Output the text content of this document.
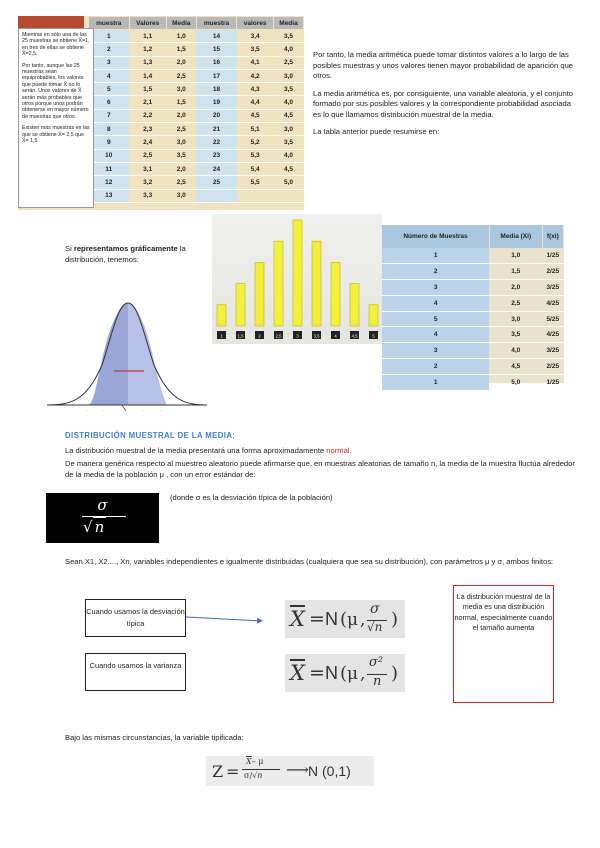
muestra	Valores	Media	muestra	valores	Media
1	1,1	1,0	14	3,4	3,5
2	1,2	1,5	15	3,5	4,0
3	1,3	2,0	16	4,1	2,5
4	1,4	2,5	17	4,2	3,0
5	1,5	3,0	18	4,3	3,5
6	2,1	1,5	19	4,4	4,0
7	2,2	2,0	20	4,5	4,5
8	2,3	2,5	21	5,1	3,0
9	2,4	3,0	22	5,2	3,5
10	2,5	3,5	23	5,3	4,0
11	3,1	2,0	24	5,4	4,5
12	3,2	2,5	25	5,5	5,0
13	3,3	3,0			

Mientras en sólo una de las 25 muestras se obtiene X̄=1, en tres de ellas se obtiene X̄=2,5.

Por tanto, aunque las 25 muestras sean equiprobables, los valores que puede tomar X̄ no lo serán. Unos valores de X̄ serán más probables que otros porque unos podrán obtenerse en mayor número de muestras que otros.

Existen más muestras en las que se obtiene X̄= 2,5 que X̄= 1,5

Por tanto, la media aritmética puede tomar distintos valores a lo largo de las posibles muestras y unos valores tienen mayor probabilidad de aparición que otros.
La media aritmética es, por consiguiente, una variable aleatoria, y el conjunto formado por sus posibles valores y la correspondiente probabilidad asociada es lo que llamamos distribución muestral de la media.
La tabla anterior puede resumirse en:
Si representamos gráficamente la distribución, tenemos:
-	-	-	-
1	1,5	2	2,5	3	3,5	4	4,5	5
Número de Muestras	Media (Xi)	f(xi)
1	1,0	1/25
2	1,5	2/25
3	2,0	3/25
4	2,5	4/25
5	3,0	5/25
4	3,5	4/25
3	4,0	3/25
2	4,5	2/25
1	5,0	1/25
DISTRIBUCIÓN MUESTRAL DE LA MEDIA:
La distribución muestral de la media presentará una forma aproximadamente normal.
De manera genérica respecto al muestreo aleatorio puede afirmarse que, en muestras aleatorias de tamaño n, la media de la muestra fluctúa alrededor de la media de la población μ , con un error estándar de:
σ
√ n
(donde σ es la desviación típica de la población)
Sean X1, X2...., Xn, variables independientes e igualmente distribuidas (cualquiera que sea su distribución), con parámetros μ y σ, ambos finitos:
Cuando usamos la desviación típica
Cuando usamos la varianza
$\overline{X} = N$ ( μ ,
σ
√n )
$\overline{X} = N$ ( μ ,
σ²
n )
La distribución muestral de la media es una distribución normal, especialmente cuando el tamaño aumenta
Bajo las mismas circunstancias, la variable tipificada:
Z =
$\overline{X}-$ μ
σ/√n ⟶ N (0,1)
